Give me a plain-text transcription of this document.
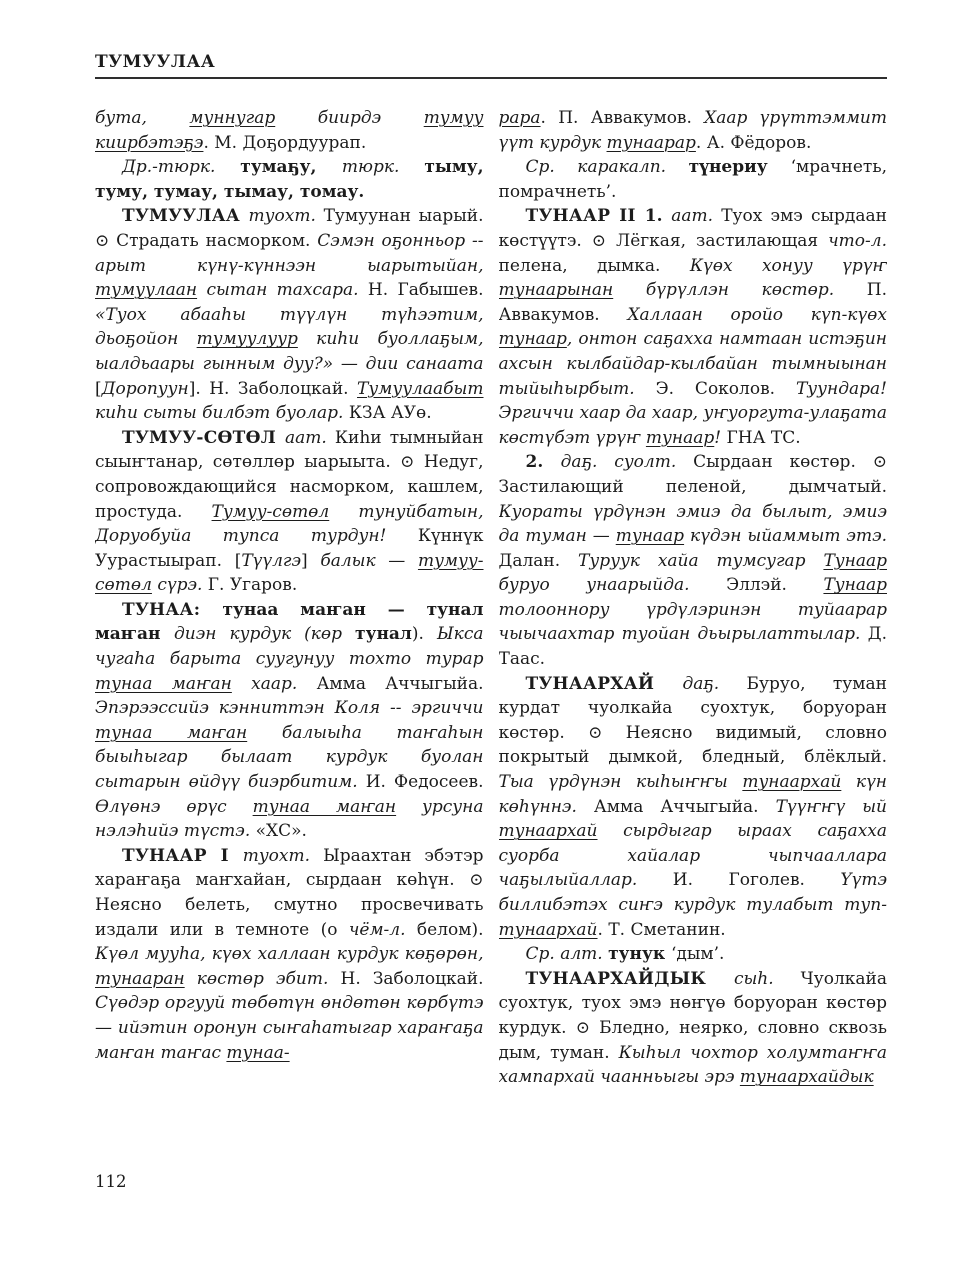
ТУМУУЛАА

бута, муннугар биирдэ тумуу киирбэтэҕэ. М. Доҕордуурап.

Др.-тюрк. тумаҕу, тюрк. тыму, туму, тумау, тымау, томау.

ТУМУУЛАА туохт. Тумуунан ыарый. ⊙ Страдать насморком. Сэмэн оҕонньор -- арыт күнү-күннээн ыарытыйан, тумуулаан сытан тахсара. Н. Габышев. «Туох абааһы түүлүн түһээтим, дьоҕойон тумуулуур киһи буоллаҕым, ыалдьаары гынным дуу?» — дии санаата [Доропуун]. Н. Заболоцкай. Тумуулаабыт киһи сыты билбэт буолар. КЗА АУө.

ТУМУУ-СӨТӨЛ аат. Киһи тымныйан сыыҥтанар, сөтөллөр ыарыыта. ⊙ Недуг, сопровождающийся насморком, кашлем, простуда. Тумуу-сөтөл тунуйбатын, Доруобуйа тупса турдун! Күннүк Уурастыырап. [Түүлгэ] балык — тумуу-сөтөл сүрэ. Г. Угаров.

ТУНАА: тунаа маҥан — тунал маҥан диэн курдук (көр тунал). Ыкса чугаһа барыта суугунуу тохто турар тунаа маҥан хаар. Амма Аччыгыйа. Эпэрээссийэ кэнниттэн Коля -- эргиччи тунаа маҥан балыыһа таҥаһын быыһыгар былаат курдук буолан сытарын өйдүү биэрбитим. И. Федосеев. Өлүөнэ өрүс тунаа маҥан урсуна нэлэһийэ түстэ. «ХС».

ТУНААР I туохт. Ыраахтан эбэтэр хараҥаҕа маҥхайан, сырдаан көһүн. ⊙ Неясно белеть, смутно просвечивать издали или в темноте (о чём-л. белом). Күөл мууһа, күөх халлаан курдук көҕөрөн, тунааран көстөр эбит. Н. Заболоцкай. Сүөдэр оргууй төбөтүн өндөтөн көрбүтэ — ийэтин оронун сыҥаһатыгар хараҥаҕа маҥан таҥас тунаа-

рара. П. Аввакумов. Хаар үрүттэммит үүт курдук тунаарар. А. Фёдоров.

Ср. каракалп. түнериу ‘мрачнеть, помрачнеть’.

ТУНААР II 1. аат. Туох эмэ сырдаан көстүүтэ. ⊙ Лёгкая, застилающая что-л. пелена, дымка. Күөх хонуу үрүҥ тунаарынан бүрүллэн көстөр. П. Аввакумов. Халлаан оройо күп-күөх тунаар, онтон саҕахха намтаан истэҕин ахсын кылбайдар-кылбайан тымныынан тыйыһырбыт. Э. Соколов. Туундара! Эргиччи хаар да хаар, уҥуоргута-улаҕата көстүбэт үрүҥ тунаар! ГНА ТС.

2. даҕ. суолт. Сырдаан көстөр. ⊙ Застилающий пеленой, дымчатый. Куораты үрдүнэн эмиэ да былыт, эмиэ да туман — тунаар күдэн ыйаммыт этэ. Далан. Туруук хайа тумсугар Тунаар буруо унаарыйда. Эллэй. Тунаар толооннору үрдүлэринэн туйаарар чыычаахтар туойан дьырылаттылар. Д. Таас.

ТУНААРХАЙ даҕ. Буруо, туман курдат чуолкайа суохтук, боруоран көстөр. ⊙ Неясно видимый, словно покрытый дымкой, бледный, блёклый. Тыа үрдүнэн кыһыҥҥы тунаархай күн көһүннэ. Амма Аччыгыйа. Түүҥҥү ый тунаархай сырдыгар ыраах саҕахха суорба хайалар чыпчааллара чаҕылыйаллар. И. Гоголев. Үүтэ биллибэтэх сиҥэ курдук тулабыт туп-тунаархай. Т. Сметанин.

Ср. алт. тунук ‘дым’.

ТУНААРХАЙДЫК сыһ. Чуолкайа суохтук, туох эмэ нөҥүө боруоран көстөр курдук. ⊙ Бледно, неярко, словно сквозь дым, туман. Кыһыл чохтор холумтаҥҥа хампархай чаанньыгы эрэ тунаархайдык

112
